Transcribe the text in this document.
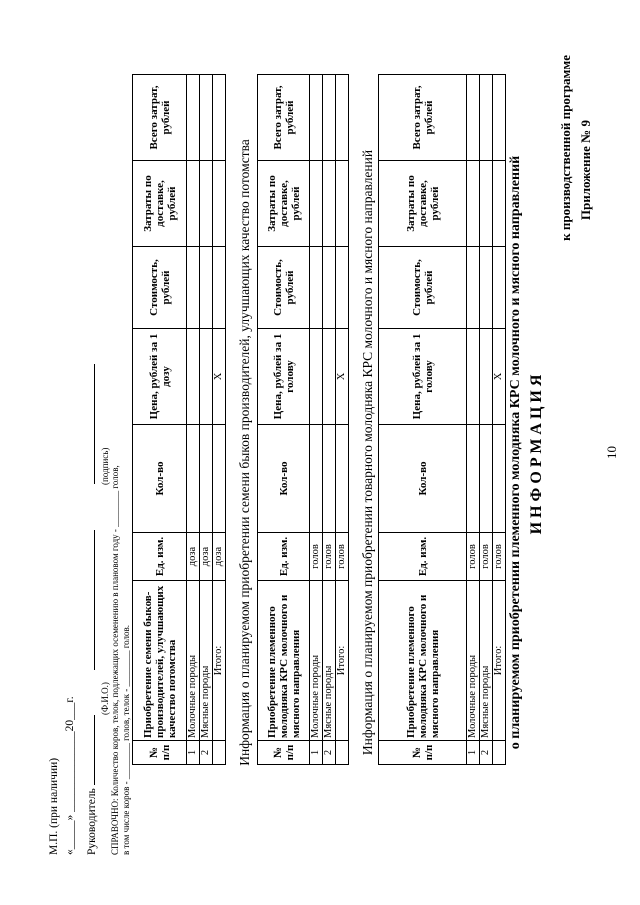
10
Приложение № 9
к производственной программе
ИНФОРМАЦИЯ
о планируемом приобретении племенного молодняка КРС молочного и мясного направлений
№ п/п	Приобретение племенного молодняка КРС молочного и мясного направления	Ед. изм.	Кол-во	Цена, рублей за 1 голову	Стоимость, рублей	Затраты по доставке, рублей	Всего затрат, рублей
1	Молочные породы	голов					
2	Мясные породы	голов					
	Итого:	голов		Х			
Информация о планируемом приобретении товарного молодняка КРС молочного и мясного направлений
№ п/п	Приобретение племенного молодняка КРС молочного и мясного направления	Ед. изм.	Кол-во	Цена, рублей за 1 голову	Стоимость, рублей	Затраты по доставке, рублей	Всего затрат, рублей
1	Молочные породы	голов					
2	Мясные породы	голов					
	Итого:	голов		Х			
Информация о планируемом приобретении семени быков производителей, улучшающих качество потомства
№ п/п	Приобретение семени быков-производителей, улучшающих качество потомства	Ед. изм.	Кол-во	Цена, рублей за 1 дозу	Стоимость, рублей	Затраты по доставке, рублей	Всего затрат, рублей
1	Молочные породы	доза					
2	Мясные породы	доза					
	Итого:	доза		Х			
СПРАВОЧНО: Количество коров, телок, подлежащих осеменению в плановом году - ________ голов, в том числе коров - ________ голов, телок - ________ голов.
Руководитель
(Ф.И.О.)
(подпись)
«_____» ______________20___г.
М.П. (при наличии)
